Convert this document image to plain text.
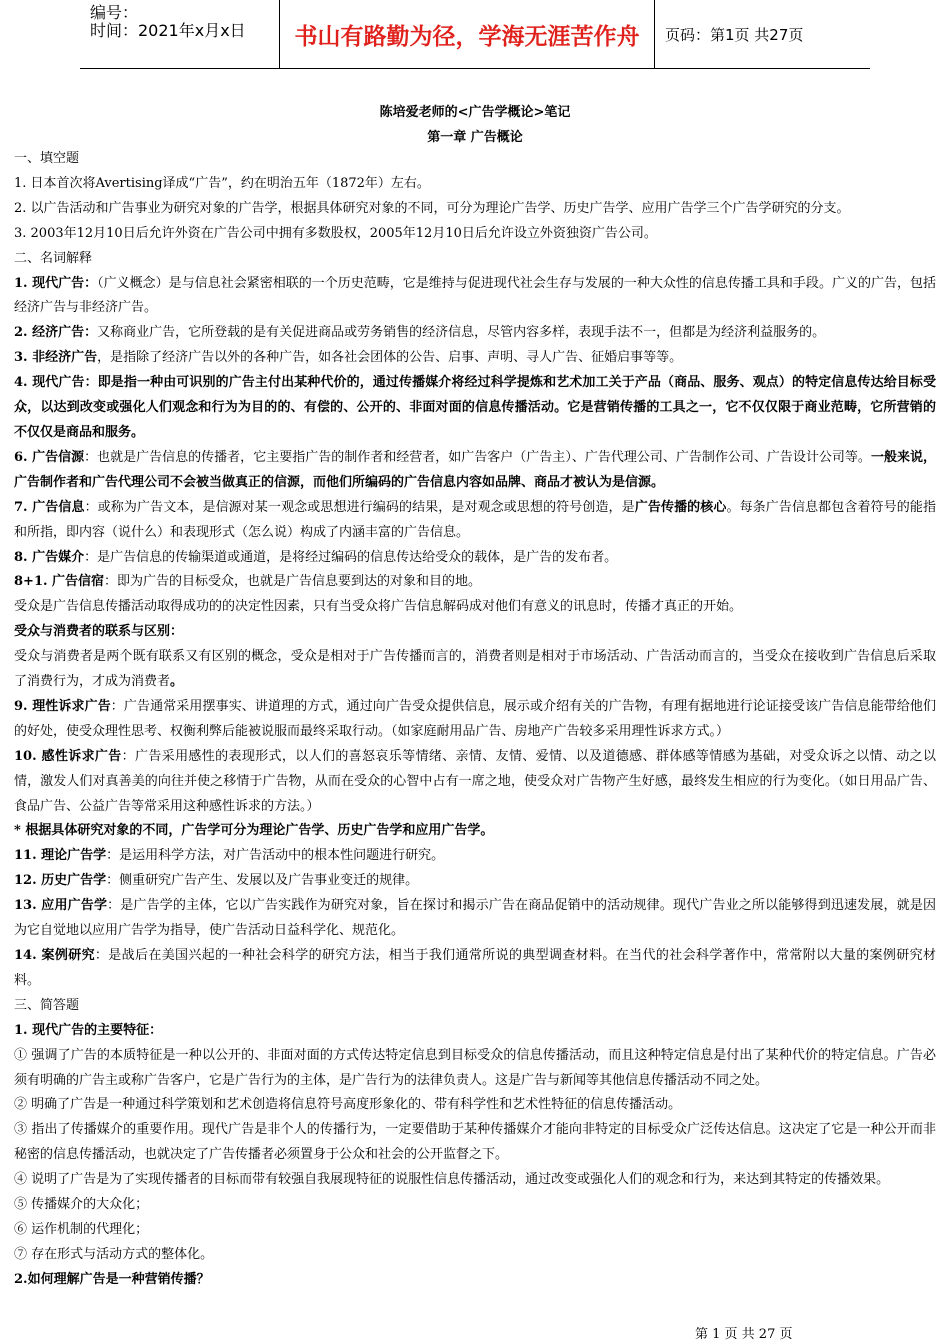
编号：
时间：2021年x月x日	书山有路勤为径，学海无涯苦作舟	页码：第1页 共27页
陈培爱老师的<广告学概论>笔记
第一章 广告概论

一、填空题

1. 日本首次将Avertising译成“广告”，约在明治五年（1872年）左右。

2. 以广告活动和广告事业为研究对象的广告学，根据具体研究对象的不同，可分为理论广告学、历史广告学、应用广告学三个广告学研究的分支。

3. 2003年12月10日后允许外资在广告公司中拥有多数股权，2005年12月10日后允许设立外资独资广告公司。

二、名词解释

1. 现代广告：（广义概念）是与信息社会紧密相联的一个历史范畴，它是维持与促进现代社会生存与发展的一种大众性的信息传播工具和手段。广义的广告，包括经济广告与非经济广告。

2. 经济广告：又称商业广告，它所登载的是有关促进商品或劳务销售的经济信息，尽管内容多样，表现手法不一，但都是为经济利益服务的。

3. 非经济广告，是指除了经济广告以外的各种广告，如各社会团体的公告、启事、声明、寻人广告、征婚启事等等。

4. 现代广告：即是指一种由可识别的广告主付出某种代价的，通过传播媒介将经过科学提炼和艺术加工关于产品（商品、服务、观点）的特定信息传达给目标受众，以达到改变或强化人们观念和行为为目的的、有偿的、公开的、非面对面的信息传播活动。它是营销传播的工具之一，它不仅仅限于商业范畴，它所营销的不仅仅是商品和服务。

6. 广告信源：也就是广告信息的传播者，它主要指广告的制作者和经营者，如广告客户（广告主）、广告代理公司、广告制作公司、广告设计公司等。一般来说，广告制作者和广告代理公司不会被当做真正的信源，而他们所编码的广告信息内容如品牌、商品才被认为是信源。

7. 广告信息：或称为广告文本，是信源对某一观念或思想进行编码的结果，是对观念或思想的符号创造，是广告传播的核心。每条广告信息都包含着符号的能指和所指，即内容（说什么）和表现形式（怎么说）构成了内涵丰富的广告信息。

8. 广告媒介：是广告信息的传输渠道或通道，是将经过编码的信息传达给受众的载体，是广告的发布者。

8+1. 广告信宿：即为广告的目标受众，也就是广告信息要到达的对象和目的地。

受众是广告信息传播活动取得成功的的决定性因素，只有当受众将广告信息解码成对他们有意义的讯息时，传播才真正的开始。

受众与消费者的联系与区别：

受众与消费者是两个既有联系又有区别的概念，受众是相对于广告传播而言的，消费者则是相对于市场活动、广告活动而言的，当受众在接收到广告信息后采取了消费行为，才成为消费者。

9. 理性诉求广告：广告通常采用摆事实、讲道理的方式，通过向广告受众提供信息，展示或介绍有关的广告物，有理有据地进行论证接受该广告信息能带给他们的好处，使受众理性思考、权衡利弊后能被说服而最终采取行动。（如家庭耐用品广告、房地产广告较多采用理性诉求方式。）

10. 感性诉求广告：广告采用感性的表现形式，以人们的喜怒哀乐等情绪、亲情、友情、爱情、以及道德感、群体感等情感为基础，对受众诉之以情、动之以情，激发人们对真善美的向往并使之移情于广告物，从而在受众的心智中占有一席之地，使受众对广告物产生好感，最终发生相应的行为变化。（如日用品广告、食品广告、公益广告等常采用这种感性诉求的方法。）

* 根据具体研究对象的不同，广告学可分为理论广告学、历史广告学和应用广告学。

11. 理论广告学：是运用科学方法，对广告活动中的根本性问题进行研究。

12. 历史广告学：侧重研究广告产生、发展以及广告事业变迁的规律。

13. 应用广告学：是广告学的主体，它以广告实践作为研究对象，旨在探讨和揭示广告在商品促销中的活动规律。现代广告业之所以能够得到迅速发展，就是因为它自觉地以应用广告学为指导，使广告活动日益科学化、规范化。

14. 案例研究：是战后在美国兴起的一种社会科学的研究方法，相当于我们通常所说的典型调查材料。在当代的社会科学著作中，常常附以大量的案例研究材料。

三、简答题

1. 现代广告的主要特征：

① 强调了广告的本质特征是一种以公开的、非面对面的方式传达特定信息到目标受众的信息传播活动，而且这种特定信息是付出了某种代价的特定信息。广告必须有明确的广告主或称广告客户，它是广告行为的主体，是广告行为的法律负责人。这是广告与新闻等其他信息传播活动不同之处。

② 明确了广告是一种通过科学策划和艺术创造将信息符号高度形象化的、带有科学性和艺术性特征的信息传播活动。

③ 指出了传播媒介的重要作用。现代广告是非个人的传播行为，一定要借助于某种传播媒介才能向非特定的目标受众广泛传达信息。这决定了它是一种公开而非秘密的信息传播活动，也就决定了广告传播者必须置身于公众和社会的公开监督之下。

④ 说明了广告是为了实现传播者的目标而带有较强自我展现特征的说服性信息传播活动，通过改变或强化人们的观念和行为，来达到其特定的传播效果。

⑤ 传播媒介的大众化；

⑥ 运作机制的代理化；

⑦ 存在形式与活动方式的整体化。

2.如何理解广告是一种营销传播？

第 1 页 共 27 页
